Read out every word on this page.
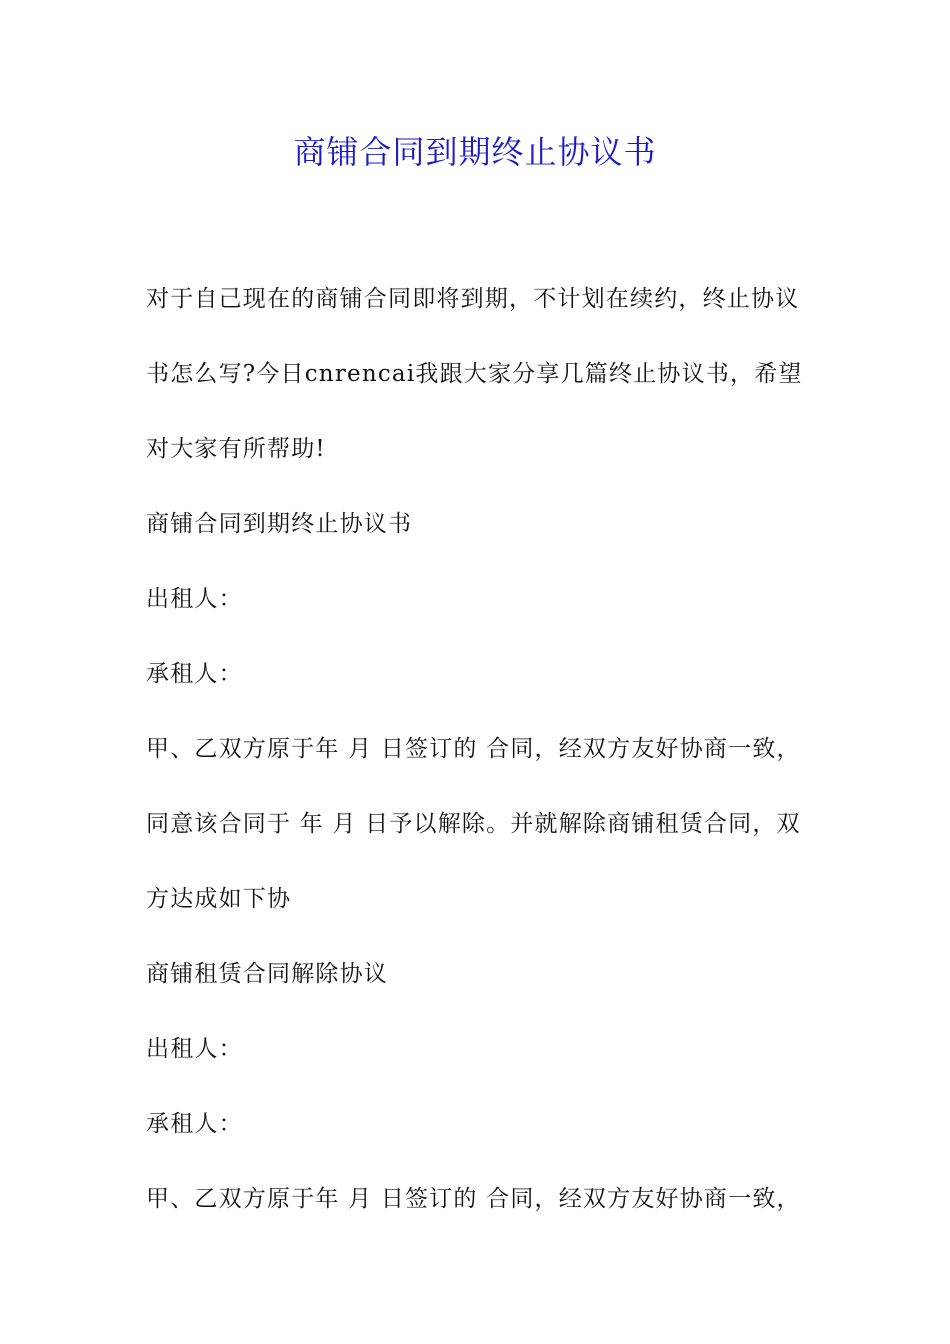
商铺合同到期终止协议书

对于自己现在的商铺合同即将到期，不计划在续约，终止协议书怎么写?今日cnrencai我跟大家分享几篇终止协议书，希望对大家有所帮助!

商铺合同到期终止协议书

出租人：

承租人：

甲、乙双方原于年 月 日签订的 合同，经双方友好协商一致，同意该合同于 年 月 日予以解除。并就解除商铺租赁合同，双方达成如下协

商铺租赁合同解除协议

出租人：

承租人：

甲、乙双方原于年 月 日签订的 合同，经双方友好协商一致，
